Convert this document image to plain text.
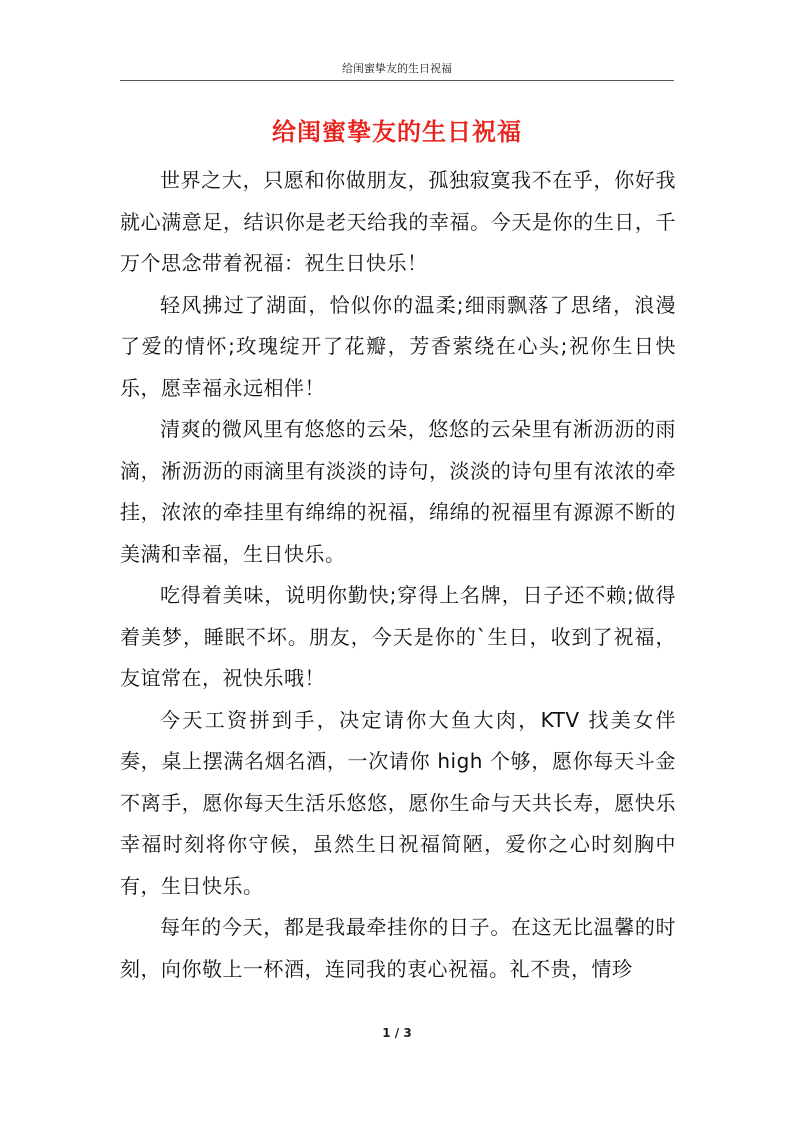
给闺蜜挚友的生日祝福
给闺蜜挚友的生日祝福

世界之大，只愿和你做朋友，孤独寂寞我不在乎，你好我就心满意足，结识你是老天给我的幸福。今天是你的生日，千万个思念带着祝福：祝生日快乐！

轻风拂过了湖面，恰似你的温柔;细雨飘落了思绪，浪漫了爱的情怀;玫瑰绽开了花瓣，芳香萦绕在心头;祝你生日快乐，愿幸福永远相伴！

清爽的微风里有悠悠的云朵，悠悠的云朵里有淅沥沥的雨滴，淅沥沥的雨滴里有淡淡的诗句，淡淡的诗句里有浓浓的牵挂，浓浓的牵挂里有绵绵的祝福，绵绵的祝福里有源源不断的美满和幸福，生日快乐。

吃得着美味，说明你勤快;穿得上名牌，日子还不赖;做得着美梦，睡眠不坏。朋友，今天是你的`生日，收到了祝福，友谊常在，祝快乐哦！

今天工资拼到手，决定请你大鱼大肉，KTV 找美女伴奏，桌上摆满名烟名酒，一次请你 high 个够，愿你每天斗金不离手，愿你每天生活乐悠悠，愿你生命与天共长寿，愿快乐幸福时刻将你守候，虽然生日祝福简陋，爱你之心时刻胸中有，生日快乐。

每年的今天，都是我最牵挂你的日子。在这无比温馨的时刻，向你敬上一杯酒，连同我的衷心祝福。礼不贵，情珍

1 / 3
